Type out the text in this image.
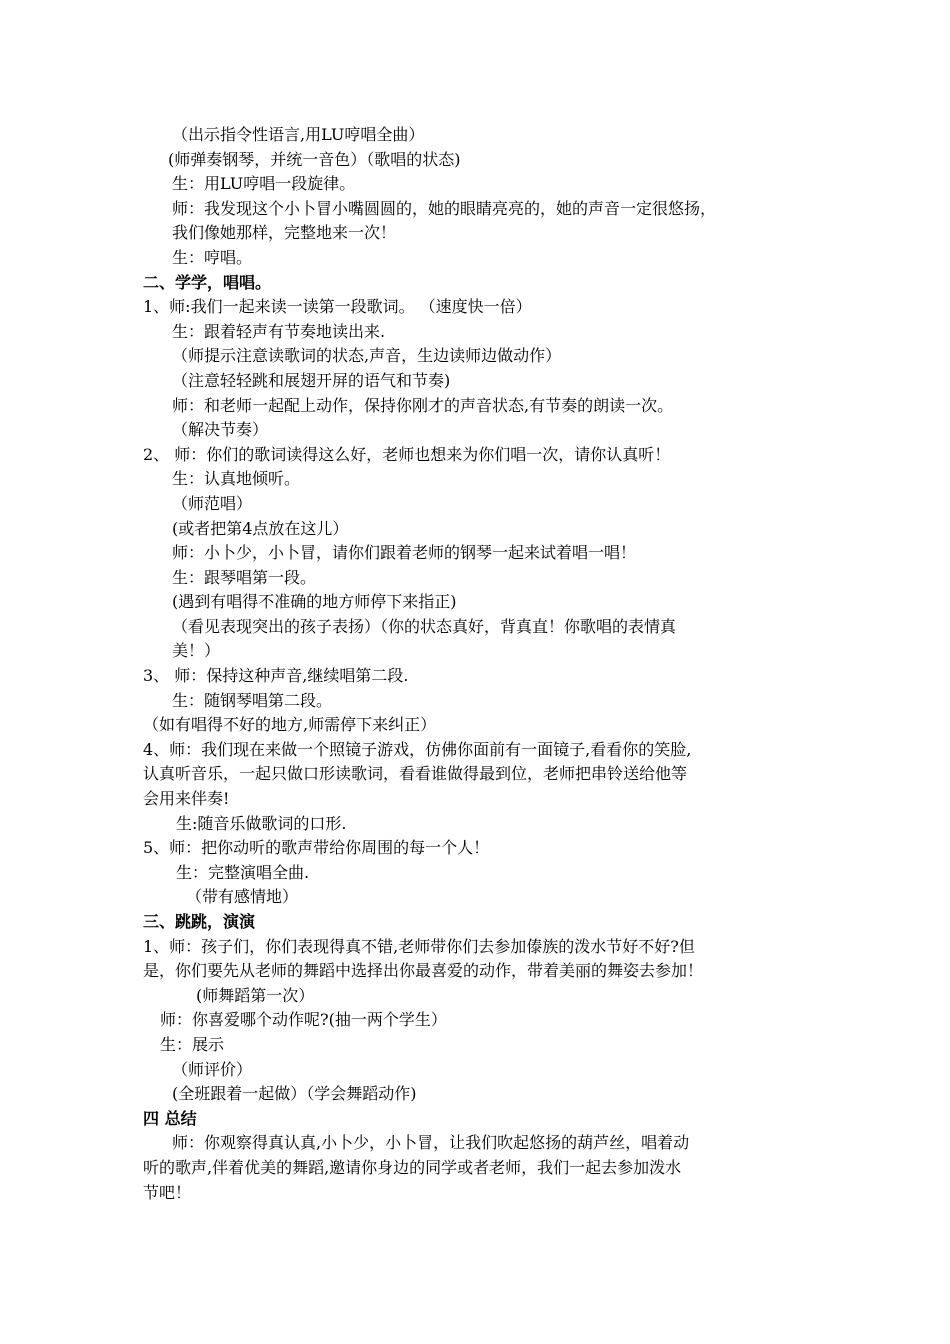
（出示指令性语言,用LU哼唱全曲）
(师弹奏钢琴，并统一音色）（歌唱的状态)
生：用LU哼唱一段旋律。
师：我发现这个小卜冒小嘴圆圆的，她的眼睛亮亮的，她的声音一定很悠扬，
我们像她那样，完整地来一次！
生：哼唱。
二、学学，唱唱。
1、师:我们一起来读一读第一段歌词。 （速度快一倍）
生：跟着轻声有节奏地读出来.
（师提示注意读歌词的状态,声音，生边读师边做动作）
（注意轻轻跳和展翅开屏的语气和节奏)
师：和老师一起配上动作，保持你刚才的声音状态,有节奏的朗读一次。
（解决节奏）
2、 师：你们的歌词读得这么好，老师也想来为你们唱一次，请你认真听！
生：认真地倾听。
（师范唱）
(或者把第4点放在这儿）
师：小卜少，小卜冒，请你们跟着老师的钢琴一起来试着唱一唱！
生：跟琴唱第一段。
(遇到有唱得不准确的地方师停下来指正)
（看见表现突出的孩子表扬）（你的状态真好，背真直！你歌唱的表情真
美！）
3、 师：保持这种声音,继续唱第二段.
生：随钢琴唱第二段。
（如有唱得不好的地方,师需停下来纠正）
4、师：我们现在来做一个照镜子游戏，仿佛你面前有一面镜子,看看你的笑脸,
认真听音乐，一起只做口形读歌词，看看谁做得最到位，老师把串铃送给他等
会用来伴奏!
生:随音乐做歌词的口形.
5、师：把你动听的歌声带给你周围的每一个人！
生：完整演唱全曲.
（带有感情地）
三、跳跳，演演
1、师：孩子们，你们表现得真不错,老师带你们去参加傣族的泼水节好不好?但
是，你们要先从老师的舞蹈中选择出你最喜爱的动作，带着美丽的舞姿去参加！
(师舞蹈第一次）
师：你喜爱哪个动作呢?(抽一两个学生）
生：展示
（师评价）
(全班跟着一起做）（学会舞蹈动作)
四 总结
师：你观察得真认真,小卜少，小卜冒，让我们吹起悠扬的葫芦丝，唱着动
听的歌声,伴着优美的舞蹈,邀请你身边的同学或者老师，我们一起去参加泼水
节吧！
